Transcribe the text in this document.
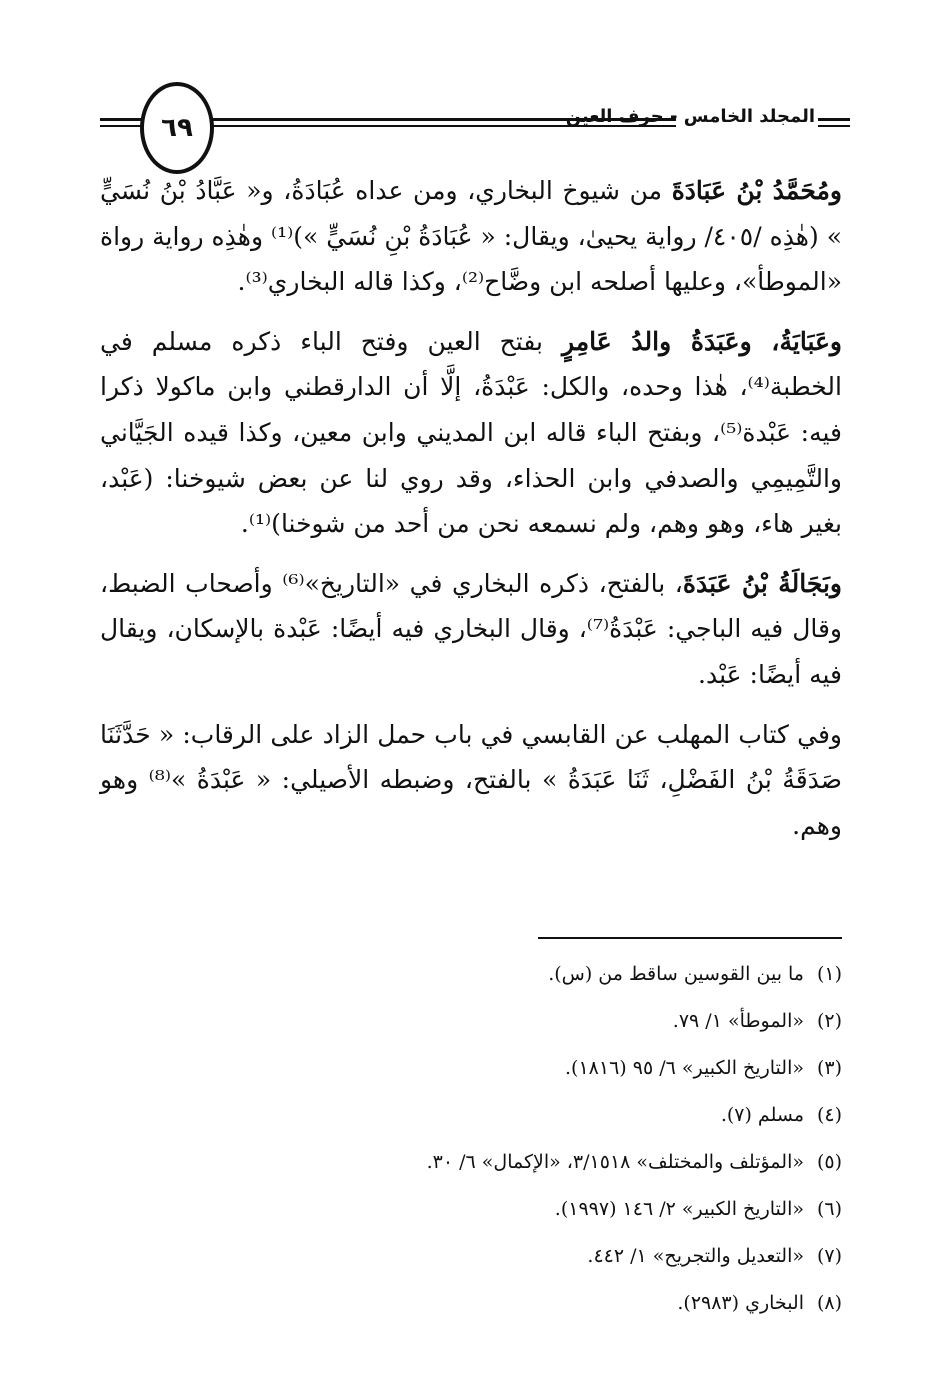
المجلد الخامس - حرف العين
٦٩

ومُحَمَّدُ بْنُ عَبَادَةَ من شيوخ البخاري، ومن عداه عُبَادَةُ، و« عَبَّادُ بْنُ نُسَيٍّ » (هٰذِه /٤٠٥/ رواية يحيىٰ، ويقال: « عُبَادَةُ بْنِ نُسَيٍّ »)⁽¹⁾ وهٰذِه رواية رواة «الموطأ»، وعليها أصلحه ابن وضَّاح⁽²⁾، وكذا قاله البخاري⁽³⁾.

وعَبَايَةُ، وعَبَدَةُ والدُ عَامِرٍ بفتح العين وفتح الباء ذكره مسلم في الخطبة⁽⁴⁾، هٰذا وحده، والكل: عَبْدَةُ، إلَّا أن الدارقطني وابن ماكولا ذكرا فيه: عَبْدة⁽⁵⁾، وبفتح الباء قاله ابن المديني وابن معين، وكذا قيده الجَيَّاني والتَّمِيمِي والصدفي وابن الحذاء، وقد روي لنا عن بعض شيوخنا: (عَبْد، بغير هاء، وهو وهم، ولم نسمعه نحن من أحد من شوخنا)⁽¹⁾.

وبَجَالَةُ بْنُ عَبَدَةَ، بالفتح، ذكره البخاري في «التاريخ»⁽⁶⁾ وأصحاب الضبط، وقال فيه الباجي: عَبْدَةُ⁽⁷⁾، وقال البخاري فيه أيضًا: عَبْدة بالإسكان، ويقال فيه أيضًا: عَبْد.

وفي كتاب المهلب عن القابسي في باب حمل الزاد على الرقاب: « حَدَّثَنَا صَدَقَةُ بْنُ الفَضْلِ، ثَنَا عَبَدَةُ » بالفتح، وضبطه الأصيلي: « عَبْدَةُ »⁽⁸⁾ وهو وهم.

(١)ما بين القوسين ساقط من (س).
(٢)«الموطأ» ١/ ٧٩.
(٣)«التاريخ الكبير» ٦/ ٩٥ (١٨١٦).
(٤)مسلم (٧).
(٥)«المؤتلف والمختلف» ٣/١٥١٨، «الإكمال» ٦/ ٣٠.
(٦)«التاريخ الكبير» ٢/ ١٤٦ (١٩٩٧).
(٧)«التعديل والتجريح» ١/ ٤٤٢.
(٨)البخاري (٢٩٨٣).
